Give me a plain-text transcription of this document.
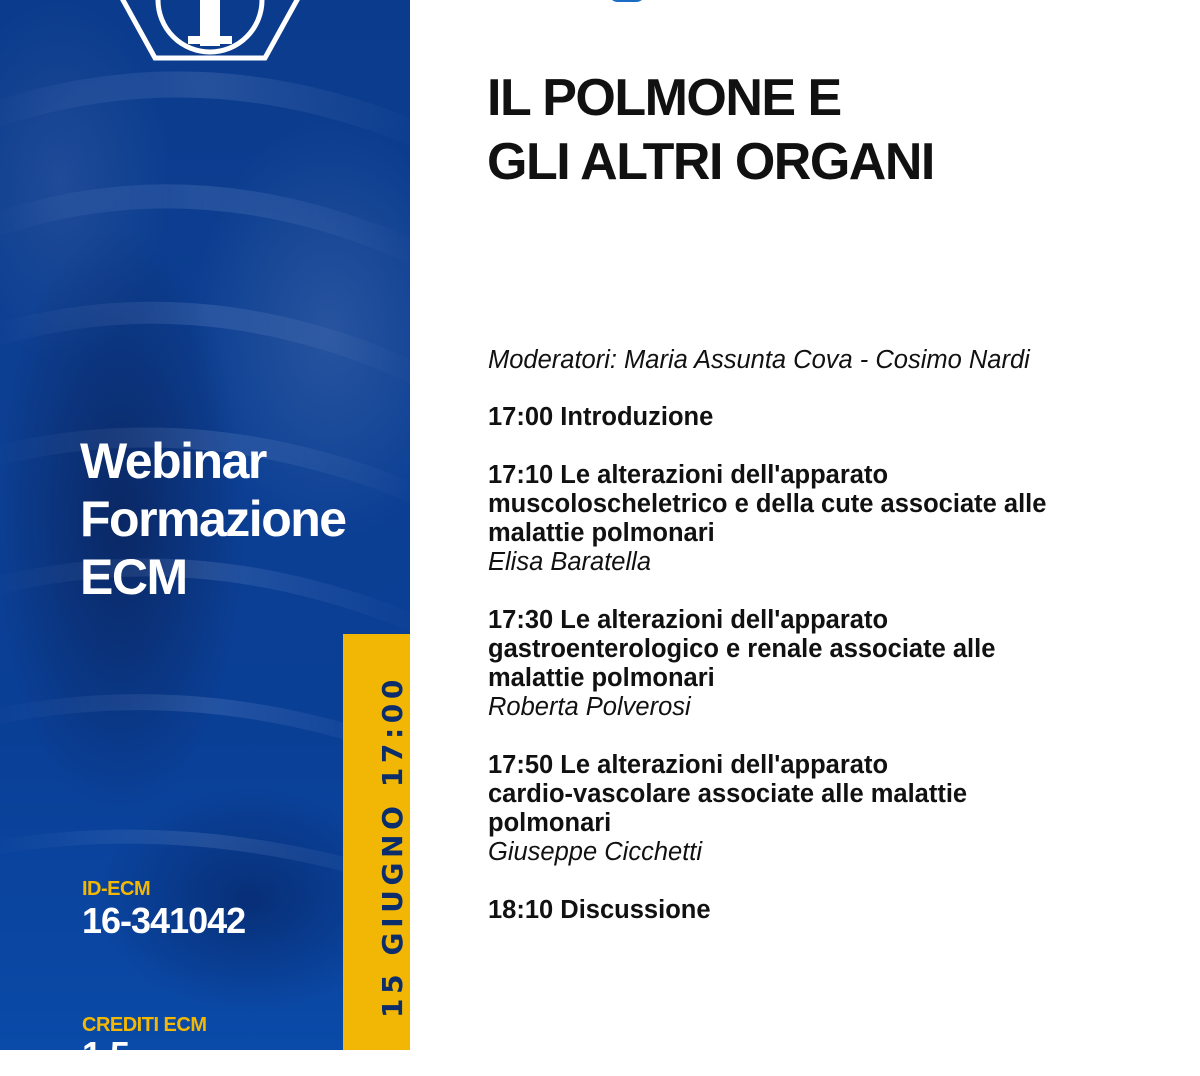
Webinar
Formazione
ECM
ID-ECM
16-341042
CREDITI ECM
1,5
15 GIUGNO 17:00
IL POLMONE E
GLI ALTRI ORGANI
Moderatori: Maria Assunta Cova - Cosimo Nardi
17:00 Introduzione
17:10 Le alterazioni dell'apparato
muscoloscheletrico e della cute associate alle
malattie polmonari
Elisa Baratella
17:30 Le alterazioni dell'apparato
gastroenterologico e renale associate alle
malattie polmonari
Roberta Polverosi
17:50 Le alterazioni dell'apparato
cardio-vascolare associate alle malattie
polmonari
Giuseppe Cicchetti
18:10 Discussione
